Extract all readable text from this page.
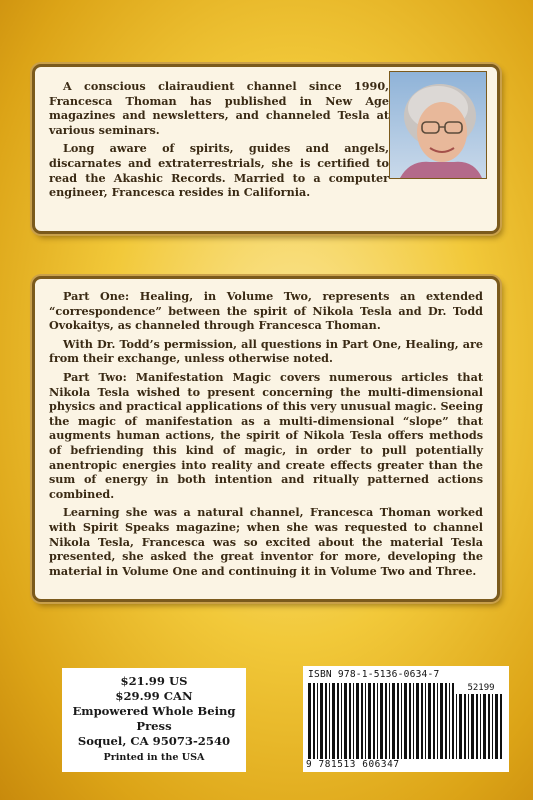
A conscious clairaudient channel since 1990, Francesca Thoman has published in New Age magazines and newsletters, and channeled Tesla at various seminars.

Long aware of spirits, guides and angels, discarnates and extraterrestrials, she is certified to read the Akashic Records. Married to a computer engineer, Francesca resides in California.

Part One: Healing, in Volume Two, represents an extended “correspondence” between the spirit of Nikola Tesla and Dr. Todd Ovokaitys, as channeled through Francesca Thoman.

With Dr. Todd’s permission, all questions in Part One, Healing, are from their exchange, unless otherwise noted.

Part Two: Manifestation Magic covers numerous articles that Nikola Tesla wished to present concerning the multi-dimensional physics and practical applications of this very unusual magic. Seeing the magic of manifestation as a multi-dimensional “slope” that augments human actions, the spirit of Nikola Tesla offers methods of befriending this kind of magic, in order to pull potentially anentropic energies into reality and create effects greater than the sum of energy in both intention and ritually patterned actions combined.

Learning she was a natural channel, Francesca Thoman worked with Spirit Speaks magazine; when she was requested to channel Nikola Tesla, Francesca was so excited about the material Tesla presented, she asked the great inventor for more, developing the material in Volume One and continuing it in Volume Two and Three.

$21.99 US
$29.99 CAN
Empowered Whole Being Press
Soquel, CA 95073-2540
Printed in the USA
ISBN 978-1-5136-0634-7
52199
9 781513 606347
